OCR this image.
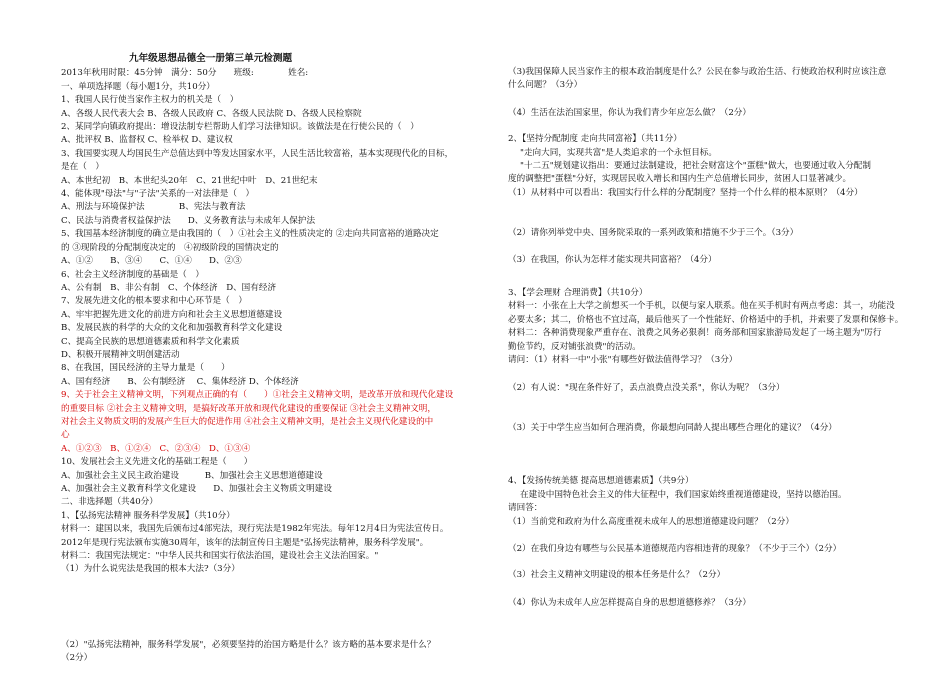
九年级思想品德全一册第三单元检测题
2013年秋用时限：45分钟　满分：50分　　班级:　　　　姓名:
一、单项选择题（每小题1分，共10分）
1、我国人民行使当家作主权力的机关是（　）
A、各级人民代表大会 B、各级人民政府 C、各级人民法院 D、各级人民检察院
2、某同学向镇政府提出：增设法制专栏帮助人们学习法律知识。该做法是在行使公民的（　）
A、批评权 B、监督权 C、检举权 D、建议权
3、我国要实现人均国民生产总值达到中等发达国家水平，人民生活比较富裕，基本实现现代化的目标，
是在（　）
A、本世纪初　B、本世纪头20年　C、21世纪中叶　D、21世纪末
4、能体现"母法"与"子法"关系的一对法律是（　）
A、刑法与环境保护法　　　　B、宪法与教育法
C、民法与消费者权益保护法　　D、义务教育法与未成年人保护法
5、我国基本经济制度的确立是由我国的（　）①社会主义的性质决定的 ②走向共同富裕的道路决定
的 ③现阶段的分配制度决定的　④初级阶段的国情决定的
A、①②　　B、③④　　C、①④　　D、②③
6、社会主义经济制度的基础是（　）
A、公有制　B、非公有制　C、个体经济　D、国有经济
7、发展先进文化的根本要求和中心环节是（　）
A、牢牢把握先进文化的前进方向和社会主义思想道德建设
B、发展民族的科学的大众的文化和加强教育科学文化建设
C、提高全民族的思想道德素质和科学文化素质
D、积极开展精神文明创建活动
8、在我国，国民经济的主导力量是（　　）
A、国有经济　　B、公有制经济　 C、集体经济 D、个体经济
9、关于社会主义精神文明，下列观点正确的有（　　）①社会主义精神文明，是改革开放和现代化建设
的重要目标 ②社会主义精神文明，是搞好改革开放和现代化建设的重要保证 ③社会主义精神文明，
对社会主义物质文明的发展产生巨大的促进作用 ④社会主义精神文明，是社会主义现代化建设的中
心
A、①②③　B、①②④　C、②③④　D、①③④
10、发展社会主义先进文化的基础工程是（　　）
A、加强社会主义民主政治建设　　　B、加强社会主义思想道德建设
A、加强社会主义教育科学文化建设　　D、加强社会主义物质文明建设
二、非选择题（共40分）
1、【弘扬宪法精神 服务科学发展】（共10分）
材料一：建国以来，我国先后颁布过4部宪法，现行宪法是1982年宪法。每年12月4日为宪法宣传日。
2012年是现行宪法颁布实施30周年，该年的法制宣传日主题是"弘扬宪法精神，服务科学发展"。
材料二：我国宪法规定："中华人民共和国实行依法治国，建设社会主义法治国家。"
（1）为什么说宪法是我国的根本大法?（3分）
（2）"弘扬宪法精神，服务科学发展"，必须要坚持的治国方略是什么？该方略的基本要求是什么？
（2分）
（3)我国保障人民当家作主的根本政治制度是什么？公民在参与政治生活、行使政治权利时应该注意
什么问题？（3分）
（4）生活在法治国家里，你认为我们青少年应怎么做？（2分）
2、【坚持分配制度 走向共同富裕】（共11分）
"走向大同，实现共富"是人类追求的一个永恒目标。
"十二五"规划建议指出：要通过法制建设，把社会财富这个"蛋糕"做大，也要通过收入分配制
度的调整把"蛋糕"分好，实现居民收入增长和国内生产总值增长同步，贫困人口显著减少。
（1）从材料中可以看出：我国实行什么样的分配制度？坚持一个什么样的根本原则？（4分）
（2）请你列举党中央、国务院采取的一系列政策和措施不少于三个。（3分）
（3）在我国，你认为怎样才能实现共同富裕？（4分）
3、【学会理财 合理消费】（共10分）
材料一：小张在上大学之前想买一个手机，以便与家人联系。他在买手机时有两点考虑：其一，功能没
必要太多；其二，价格也不宜过高，最后他买了一个性能好、价格适中的手机，并索要了发票和保修卡。
材料二：各种消费现象严重存在、浪费之风务必狠刹！商务部和国家旅游局发起了一场主题为"厉行
勤俭节约，反对铺张浪费"的活动。
请问：（1）材料一中"小张"有哪些好做法值得学习？（3分）
（2）有人说："现在条件好了，丢点浪费点没关系"，你认为呢？（3分）
（3）关于中学生应当如何合理消费，你最想向同龄人提出哪些合理化的建议？（4分）
4、【发扬传统美德 提高思想道德素质】（共9分）
在建设中国特色社会主义的伟大征程中，我们国家始终重视道德建设，坚持以德治国。
请回答：
（1）当前党和政府为什么高度重视未成年人的思想道德建设问题？（2分）
（2）在我们身边有哪些与公民基本道德规范内容相违背的现象？（不少于三个）（2分）
（3）社会主义精神文明建设的根本任务是什么？（2分）
（4）你认为未成年人应怎样提高自身的思想道德修养？（3分）
